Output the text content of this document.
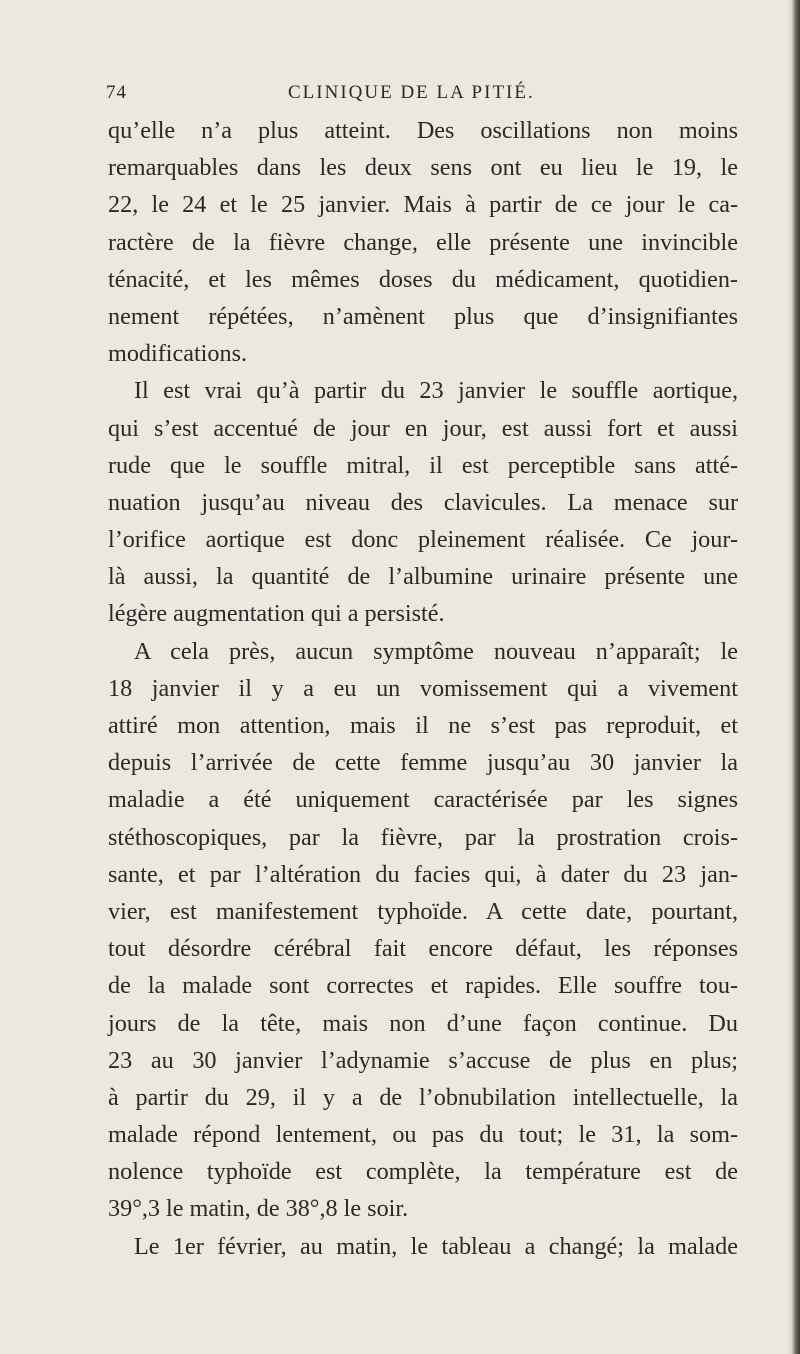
74	CLINIQUE DE LA PITIÉ.
qu’elle n’a plus atteint. Des oscillations non moins
remarquables dans les deux sens ont eu lieu le 19, le
22, le 24 et le 25 janvier. Mais à partir de ce jour le ca-
ractère de la fièvre change, elle présente une invincible
ténacité, et les mêmes doses du médicament, quotidien-
nement répétées, n’amènent plus que d’insignifiantes
modifications.
Il est vrai qu’à partir du 23 janvier le souffle aortique,
qui s’est accentué de jour en jour, est aussi fort et aussi
rude que le souffle mitral, il est perceptible sans atté-
nuation jusqu’au niveau des clavicules. La menace sur
l’orifice aortique est donc pleinement réalisée. Ce jour-
là aussi, la quantité de l’albumine urinaire présente une
légère augmentation qui a persisté.
A cela près, aucun symptôme nouveau n’apparaît; le
18 janvier il y a eu un vomissement qui a vivement
attiré mon attention, mais il ne s’est pas reproduit, et
depuis l’arrivée de cette femme jusqu’au 30 janvier la
maladie a été uniquement caractérisée par les signes
stéthoscopiques, par la fièvre, par la prostration crois-
sante, et par l’altération du facies qui, à dater du 23 jan-
vier, est manifestement typhoïde. A cette date, pourtant,
tout désordre cérébral fait encore défaut, les réponses
de la malade sont correctes et rapides. Elle souffre tou-
jours de la tête, mais non d’une façon continue. Du
23 au 30 janvier l’adynamie s’accuse de plus en plus;
à partir du 29, il y a de l’obnubilation intellectuelle, la
malade répond lentement, ou pas du tout; le 31, la som-
nolence typhoïde est complète, la température est de
39°,3 le matin, de 38°,8 le soir.
Le 1er février, au matin, le tableau a changé; la malade
